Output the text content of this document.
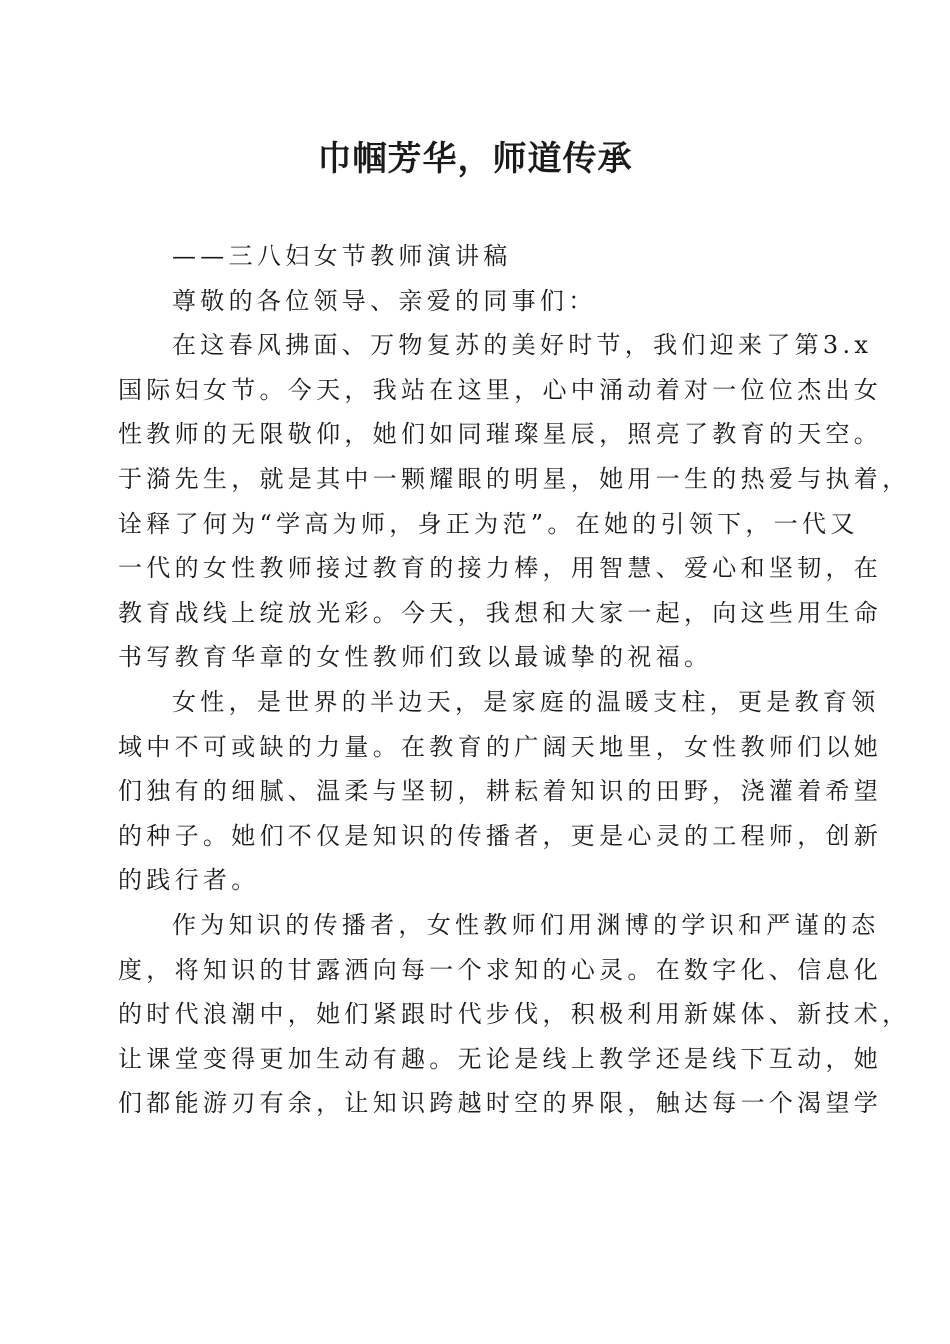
巾帼芳华，师道传承
——三八妇女节教师演讲稿
尊敬的各位领导、亲爱的同事们：
在这春风拂面、万物复苏的美好时节，我们迎来了第3.x
国际妇女节。今天，我站在这里，心中涌动着对一位位杰出女
性教师的无限敬仰，她们如同璀璨星辰，照亮了教育的天空。
于漪先生，就是其中一颗耀眼的明星，她用一生的热爱与执着，
诠释了何为“学高为师，身正为范”。在她的引领下，一代又
一代的女性教师接过教育的接力棒，用智慧、爱心和坚韧，在
教育战线上绽放光彩。今天，我想和大家一起，向这些用生命
书写教育华章的女性教师们致以最诚挚的祝福。
女性，是世界的半边天，是家庭的温暖支柱，更是教育领
域中不可或缺的力量。在教育的广阔天地里，女性教师们以她
们独有的细腻、温柔与坚韧，耕耘着知识的田野，浇灌着希望
的种子。她们不仅是知识的传播者，更是心灵的工程师，创新
的践行者。
作为知识的传播者，女性教师们用渊博的学识和严谨的态
度，将知识的甘露洒向每一个求知的心灵。在数字化、信息化
的时代浪潮中，她们紧跟时代步伐，积极利用新媒体、新技术，
让课堂变得更加生动有趣。无论是线上教学还是线下互动，她
们都能游刃有余，让知识跨越时空的界限，触达每一个渴望学
